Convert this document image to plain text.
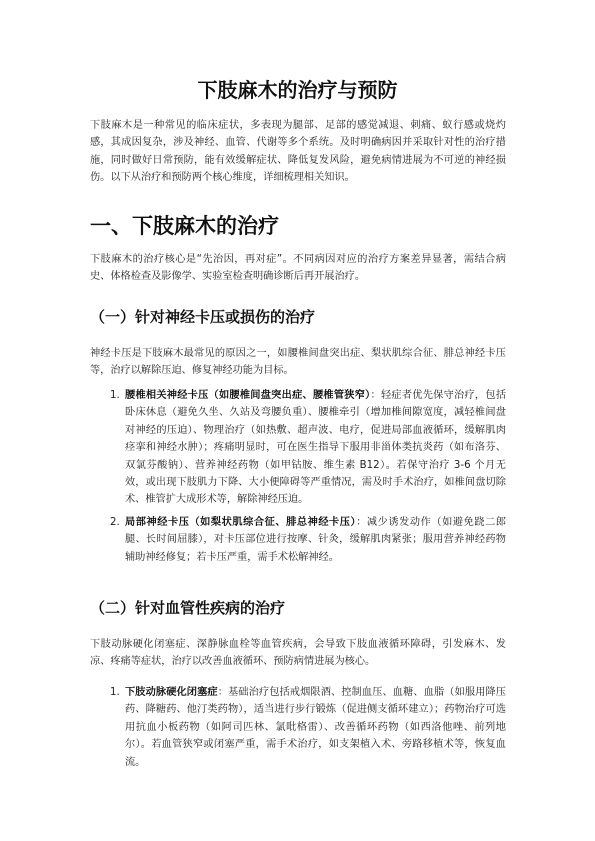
下肢麻木的治疗与预防

下肢麻木是一种常见的临床症状，多表现为腿部、足部的感觉减退、刺痛、蚁行感或烧灼感，其成因复杂，涉及神经、血管、代谢等多个系统。及时明确病因并采取针对性的治疗措施，同时做好日常预防，能有效缓解症状、降低复发风险，避免病情进展为不可逆的神经损伤。以下从治疗和预防两个核心维度，详细梳理相关知识。

一、下肢麻木的治疗

下肢麻木的治疗核心是“先治因，再对症”。不同病因对应的治疗方案差异显著，需结合病史、体格检查及影像学、实验室检查明确诊断后再开展治疗。

（一）针对神经卡压或损伤的治疗

神经卡压是下肢麻木最常见的原因之一，如腰椎间盘突出症、梨状肌综合征、腓总神经卡压等，治疗以解除压迫、修复神经功能为目标。

1. 腰椎相关神经卡压（如腰椎间盘突出症、腰椎管狭窄）：轻症者优先保守治疗，包括卧床休息（避免久坐、久站及弯腰负重）、腰椎牵引（增加椎间隙宽度，减轻椎间盘对神经的压迫）、物理治疗（如热敷、超声波、电疗，促进局部血液循环，缓解肌肉痉挛和神经水肿）；疼痛明显时，可在医生指导下服用非甾体类抗炎药（如布洛芬、双氯芬酸钠）、营养神经药物（如甲钴胺、维生素 B12）。若保守治疗 3-6 个月无效，或出现下肢肌力下降、大小便障碍等严重情况，需及时手术治疗，如椎间盘切除术、椎管扩大成形术等，解除神经压迫。
2. 局部神经卡压（如梨状肌综合征、腓总神经卡压）：减少诱发动作（如避免跷二郎腿、长时间屈膝），对卡压部位进行按摩、针灸，缓解肌肉紧张；服用营养神经药物辅助神经修复；若卡压严重，需手术松解神经。
（二）针对血管性疾病的治疗

下肢动脉硬化闭塞症、深静脉血栓等血管疾病，会导致下肢血液循环障碍，引发麻木、发凉、疼痛等症状，治疗以改善血液循环、预防病情进展为核心。

1. 下肢动脉硬化闭塞症：基础治疗包括戒烟限酒、控制血压、血糖、血脂（如服用降压药、降糖药、他汀类药物），适当进行步行锻炼（促进侧支循环建立）；药物治疗可选用抗血小板药物（如阿司匹林、氯吡格雷）、改善循环药物（如西洛他唑、前列地尔）。若血管狭窄或闭塞严重，需手术治疗，如支架植入术、旁路移植术等，恢复血流。
